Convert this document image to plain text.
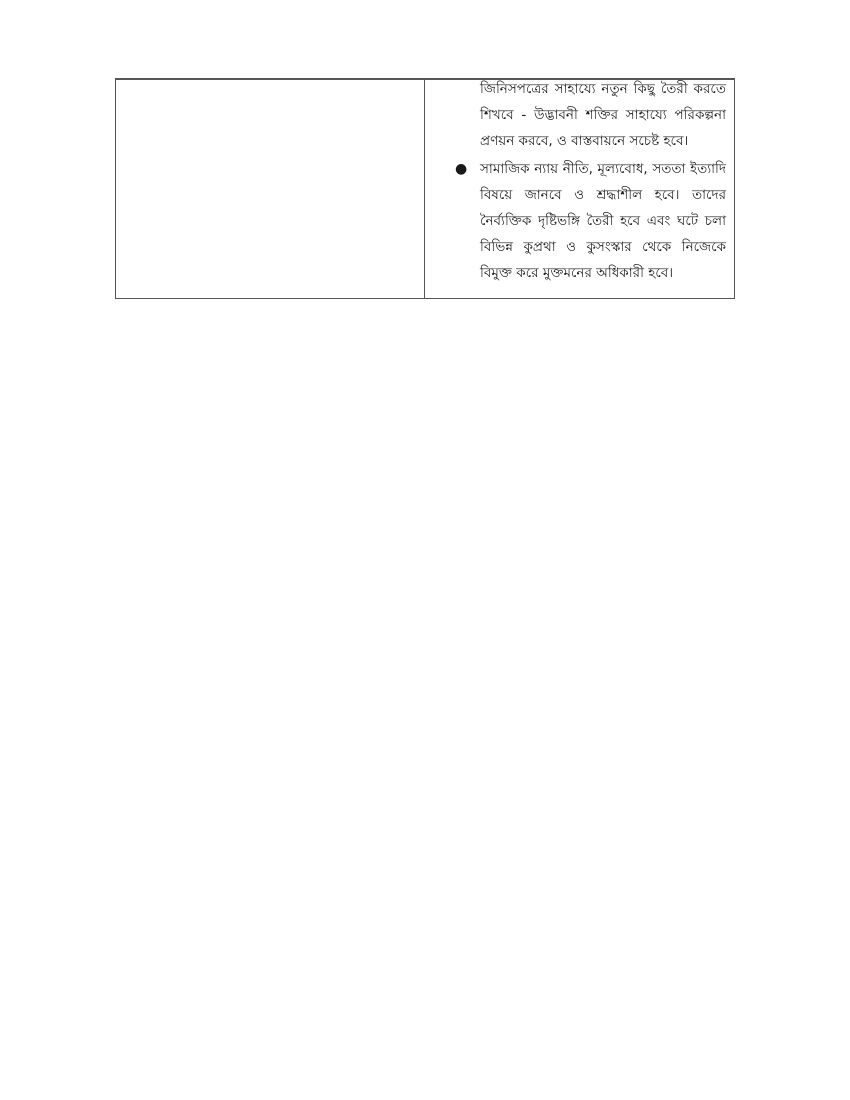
জিনিসপত্রের সাহায্যে নতুন কিছু তৈরী করতে শিখবে - উদ্ভাবনী শক্তির সাহায্যে পরিকল্পনা প্রণয়ন করবে, ও বাস্তবায়নে সচেষ্ট হবে।

● সামাজিক ন্যায় নীতি, মূল্যবোধ, সততা ইত্যাদি বিষয়ে জানবে ও শ্রদ্ধাশীল হবে। তাদের নৈর্ব্যক্তিক দৃষ্টিভঙ্গি তৈরী হবে এবং ঘটে চলা বিভিন্ন কুপ্রথা ও কুসংস্কার থেকে নিজেকে বিমুক্ত করে মুক্তমনের অধিকারী হবে।
